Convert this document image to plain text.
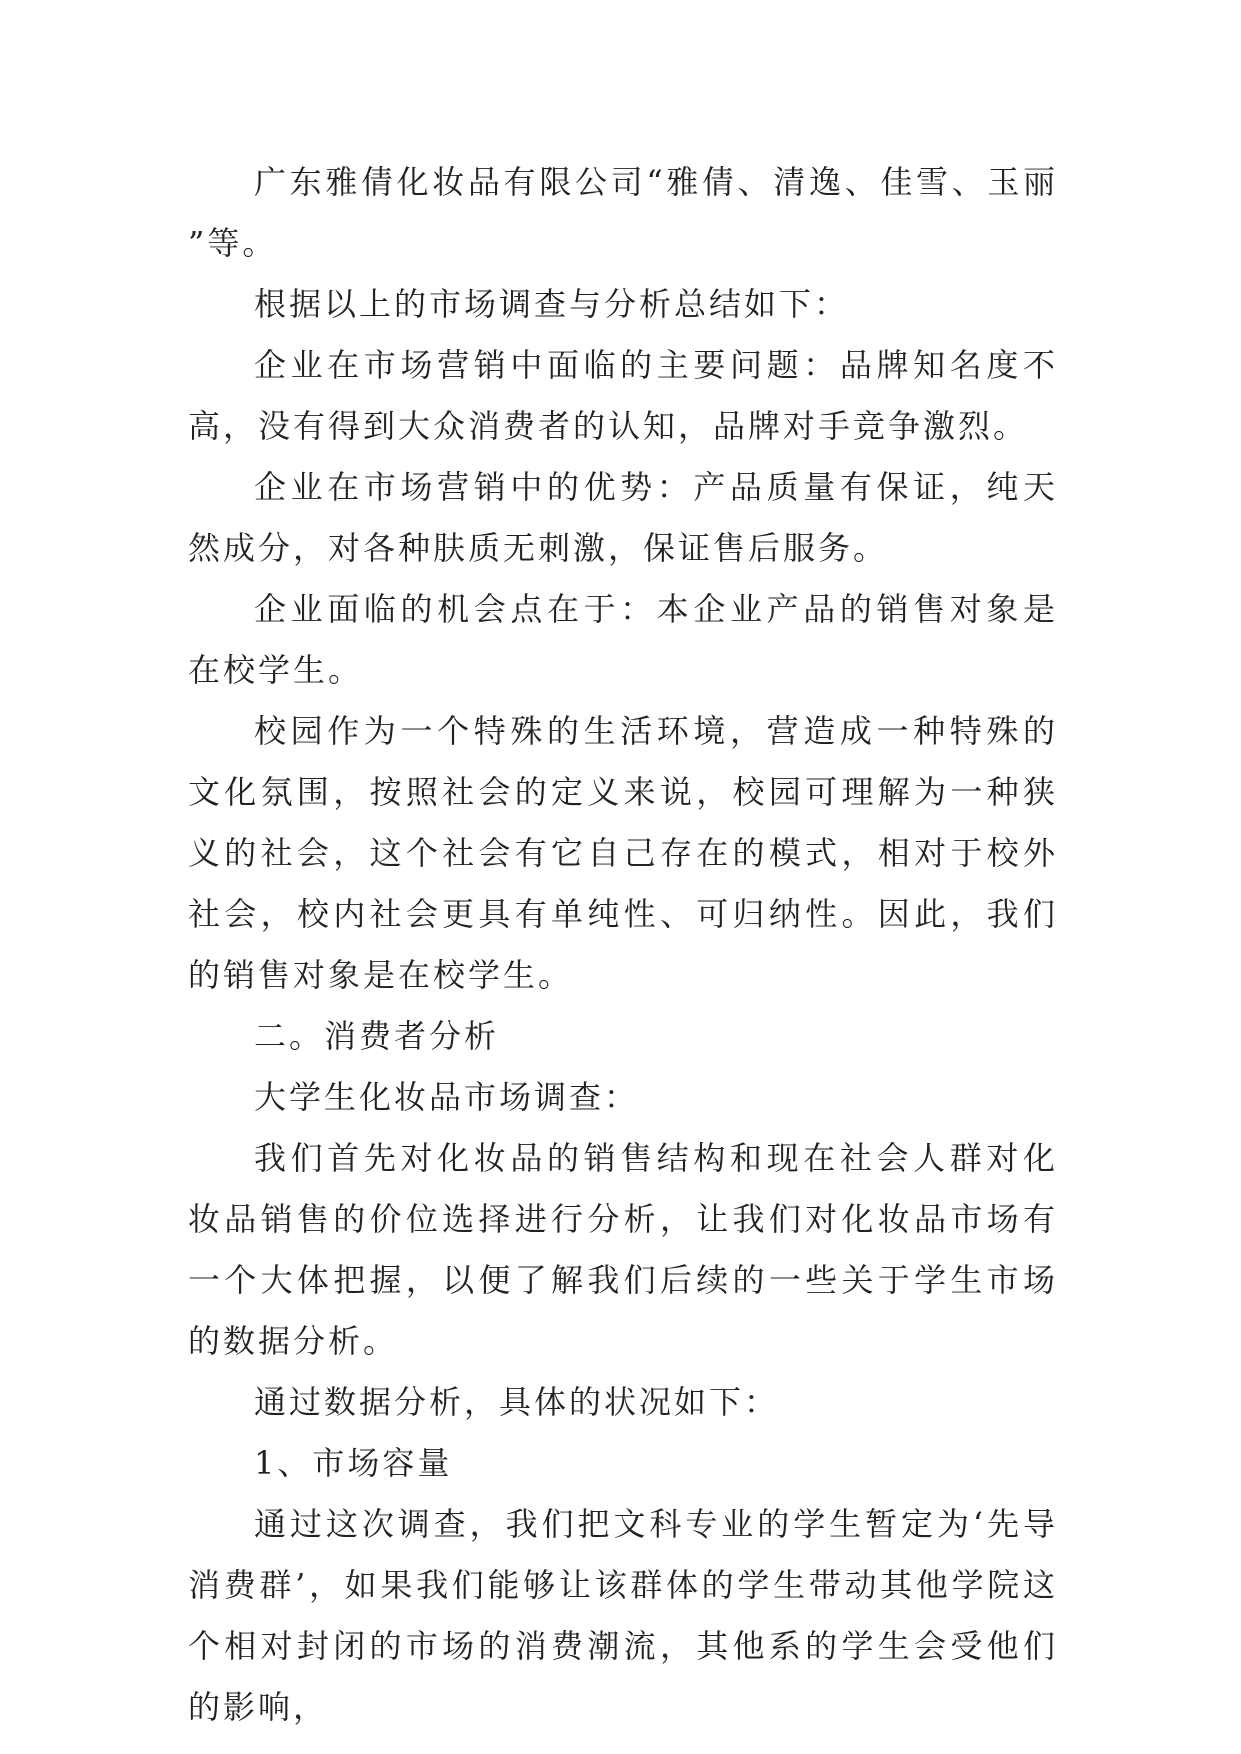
广东雅倩化妆品有限公司“雅倩、清逸、佳雪、玉丽”等。

根据以上的市场调查与分析总结如下：

企业在市场营销中面临的主要问题：品牌知名度不高，没有得到大众消费者的认知，品牌对手竞争激烈。

企业在市场营销中的优势：产品质量有保证，纯天然成分，对各种肤质无刺激，保证售后服务。

企业面临的机会点在于：本企业产品的销售对象是在校学生。

校园作为一个特殊的生活环境，营造成一种特殊的文化氛围，按照社会的定义来说，校园可理解为一种狭义的社会，这个社会有它自己存在的模式，相对于校外社会，校内社会更具有单纯性、可归纳性。因此，我们的销售对象是在校学生。

二。消费者分析

大学生化妆品市场调查：

我们首先对化妆品的销售结构和现在社会人群对化妆品销售的价位选择进行分析，让我们对化妆品市场有一个大体把握，以便了解我们后续的一些关于学生市场的数据分析。

通过数据分析，具体的状况如下：

1、市场容量

通过这次调查，我们把文科专业的学生暂定为‘先导消费群’，如果我们能够让该群体的学生带动其他学院这个相对封闭的市场的消费潮流，其他系的学生会受他们的影响，
